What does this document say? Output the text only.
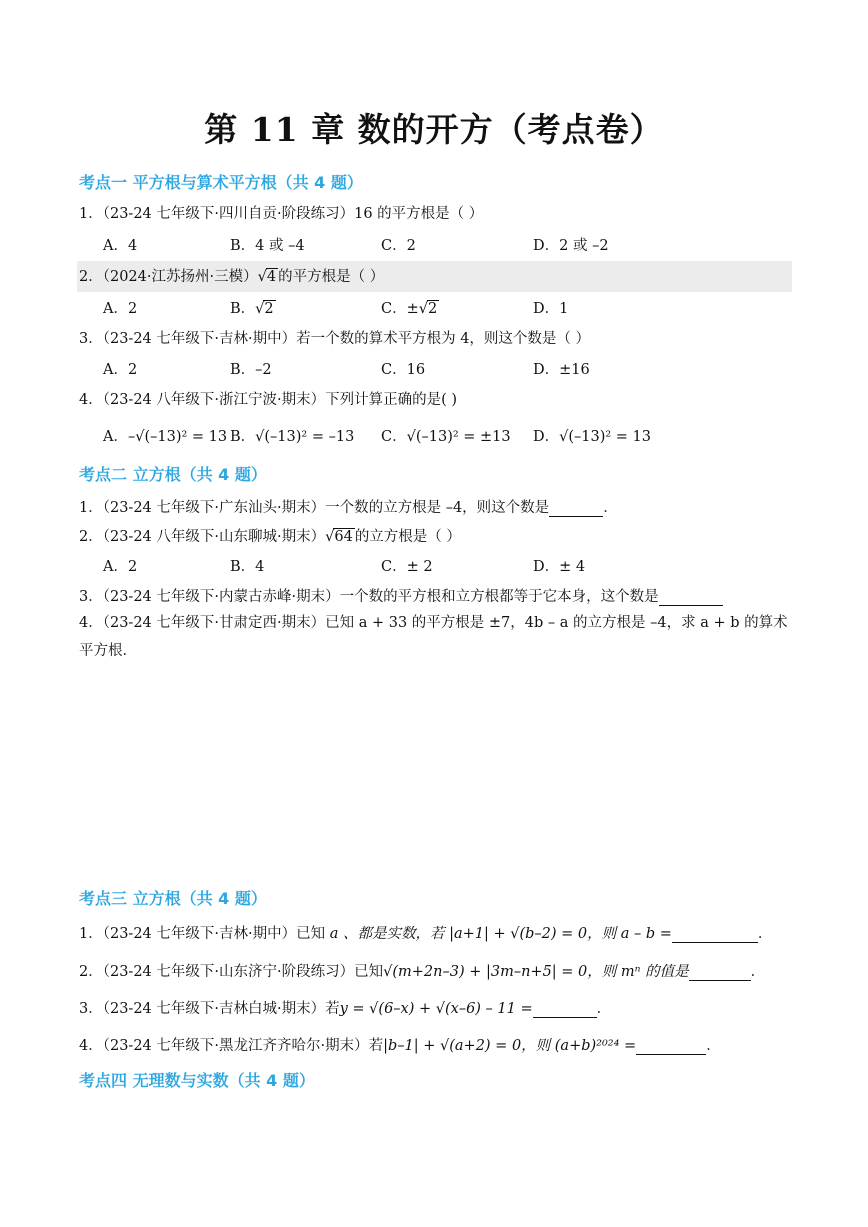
第 11 章 数的开方（考点卷）
考点一 平方根与算术平方根（共 4 题）
1．（23-24 七年级下·四川自贡·阶段练习）16 的平方根是（ ）
A．4	B．4 或 –4	C．2	D．2 或 –2
2．（2024·江苏扬州·三模）√4 的平方根是（ ）
A．2	B．√2	C．±√2	D．1
3．（23-24 七年级下·吉林·期中）若一个数的算术平方根为 4，则这个数是（ ）
A．2	B．–2	C．16	D．±16
4．（23-24 八年级下·浙江宁波·期末）下列计算正确的是( )
A．–√(–13)² = 13 B．√(–13)² = –13 C．√(–13)² = ±13 D．√(–13)² = 13
考点二 立方根（共 4 题）
1．（23-24 七年级下·广东汕头·期末）一个数的立方根是 –4，则这个数是	．
2．（23-24 八年级下·山东聊城·期末）√64 的立方根是（ ）
A．2	B．4	C．± 2	D．± 4
3．（23-24 七年级下·内蒙古赤峰·期末）一个数的平方根和立方根都等于它本身，这个数是
4．（23-24 七年级下·甘肃定西·期末）已知 a + 33 的平方根是 ±7，4b – a 的立方根是 –4，求 a + b 的算术平方根．
考点三 立方根（共 4 题）
1．（23-24 七年级下·吉林·期中）已知 a 、都是实数，若 |a+1| + √(b–2) = 0，则 a – b =	．
2．（23-24 七年级下·山东济宁·阶段练习）已知√(m+2n–3) + |3m–n+5| = 0，则 mⁿ 的值是	．
3．（23-24 七年级下·吉林白城·期末）若y = √(6–x) + √(x–6) – 11 =	．
4．（23-24 七年级下·黑龙江齐齐哈尔·期末）若|b–1| + √(a+2) = 0，则 (a+b)²⁰²⁴ =	．
考点四 无理数与实数（共 4 题）
